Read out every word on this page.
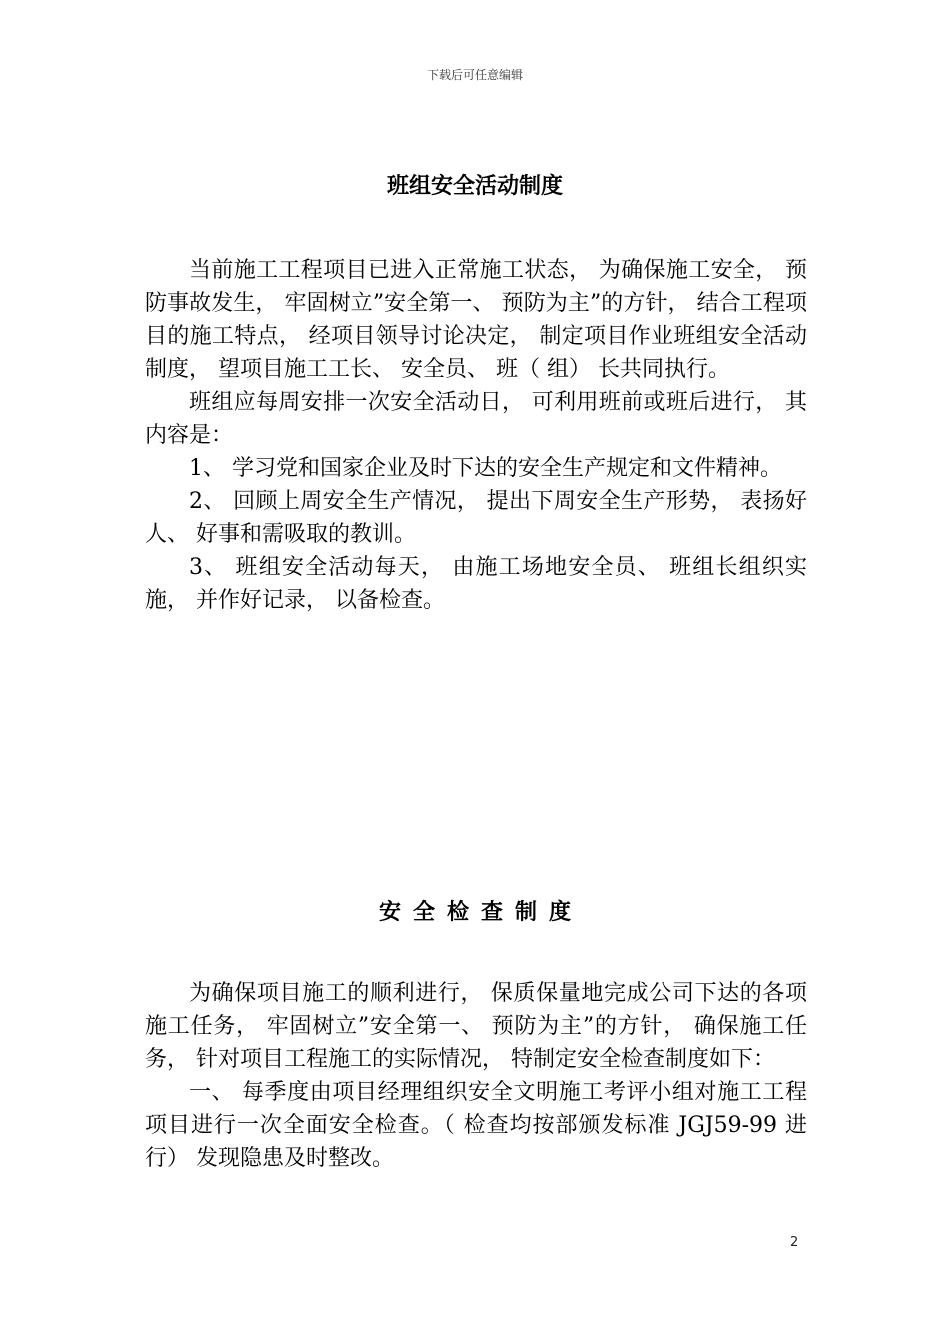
下载后可任意编辑
班组安全活动制度

当前施工工程项目已进入正常施工状态， 为确保施工安全， 预防事故发生， 牢固树立”安全第一、 预防为主”的方针， 结合工程项目的施工特点， 经项目领导讨论决定， 制定项目作业班组安全活动制度， 望项目施工工长、 安全员、 班（ 组） 长共同执行。

班组应每周安排一次安全活动日， 可利用班前或班后进行， 其内容是：

1、 学习党和国家企业及时下达的安全生产规定和文件精神。

2、 回顾上周安全生产情况， 提出下周安全生产形势， 表扬好人、 好事和需吸取的教训。

3、 班组安全活动每天， 由施工场地安全员、 班组长组织实施， 并作好记录， 以备检查。

安全检查制度

为确保项目施工的顺利进行， 保质保量地完成公司下达的各项施工任务， 牢固树立”安全第一、 预防为主”的方针， 确保施工任务， 针对项目工程施工的实际情况， 特制定安全检查制度如下：

一、 每季度由项目经理组织安全文明施工考评小组对施工工程项目进行一次全面安全检查。（ 检查均按部颁发标准 JGJ59-99 进行） 发现隐患及时整改。

2
